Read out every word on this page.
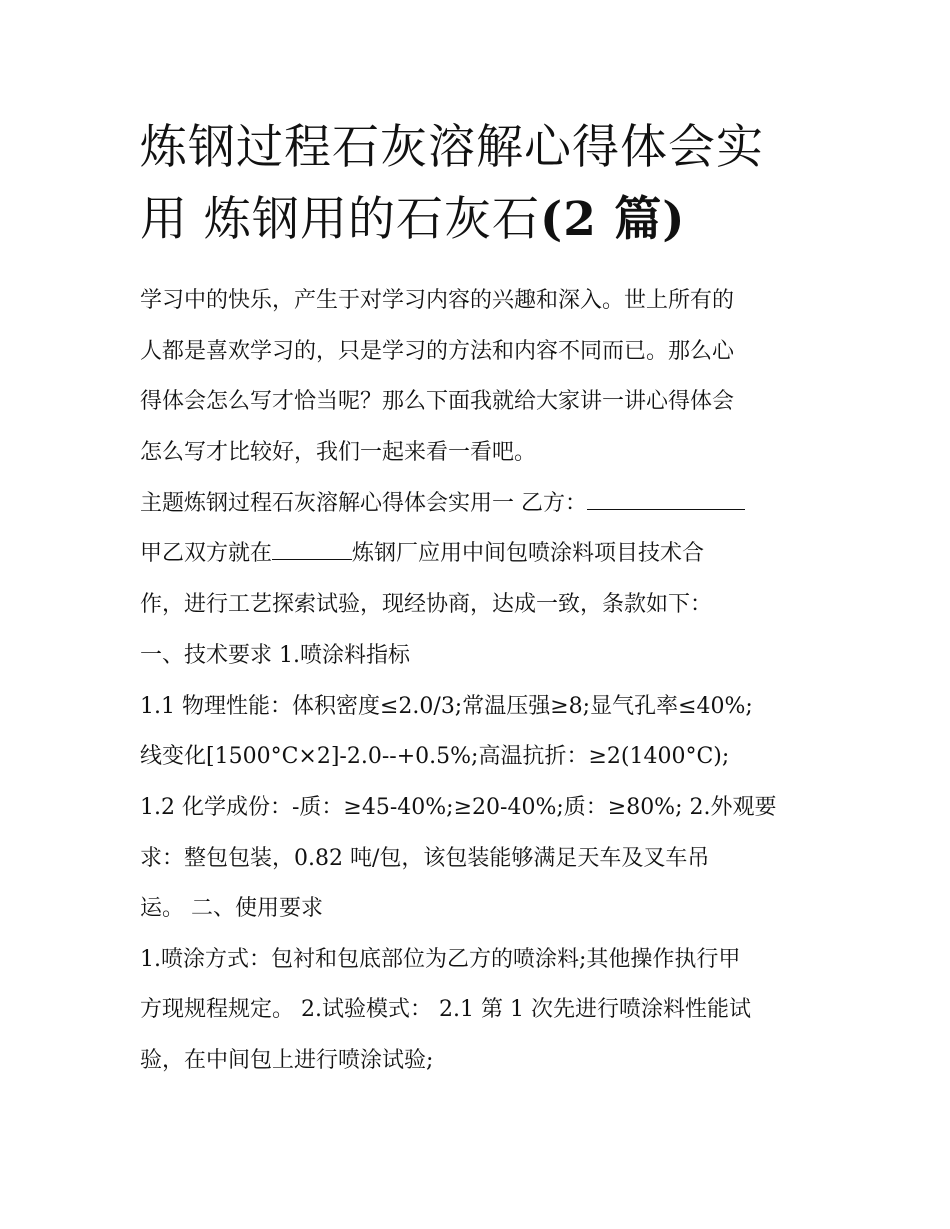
炼钢过程石灰溶解心得体会实
用 炼钢用的石灰石(2 篇)

学习中的快乐，产生于对学习内容的兴趣和深入。世上所有的

人都是喜欢学习的，只是学习的方法和内容不同而已。那么心

得体会怎么写才恰当呢？那么下面我就给大家讲一讲心得体会

怎么写才比较好，我们一起来看一看吧。

主题炼钢过程石灰溶解心得体会实用一 乙方：

甲乙双方就在	炼钢厂应用中间包喷涂料项目技术合

作，进行工艺探索试验，现经协商，达成一致，条款如下：

一、技术要求 1.喷涂料指标

1.1 物理性能：体积密度≤2.0/3;常温压强≥8;显气孔率≤40%;

线变化[1500°C×2]-2.0--+0.5%;高温抗折：≥2(1400°C);

1.2 化学成份：-质：≥45-40%;≥20-40%;质：≥80%; 2.外观要

求：整包包装，0.82 吨/包，该包装能够满足天车及叉车吊

运。 二、使用要求

1.喷涂方式：包衬和包底部位为乙方的喷涂料;其他操作执行甲

方现规程规定。 2.试验模式： 2.1 第 1 次先进行喷涂料性能试

验，在中间包上进行喷涂试验;
